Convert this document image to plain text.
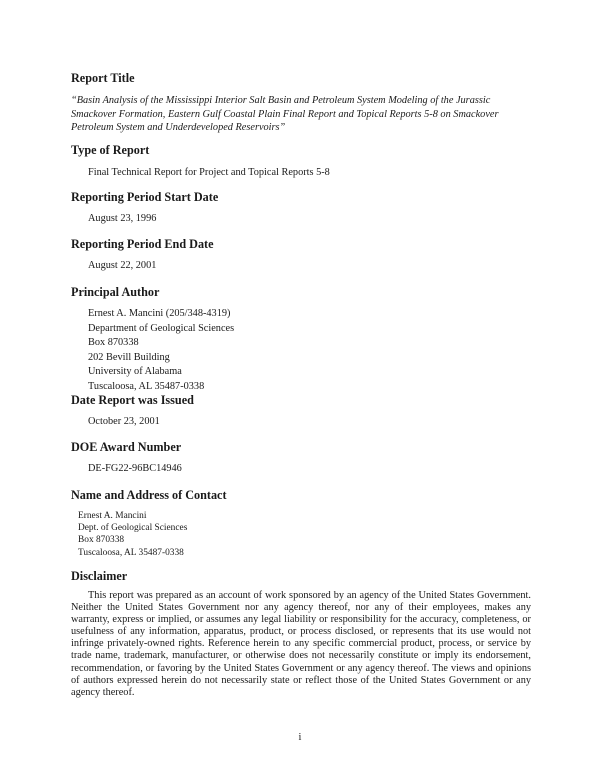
Report Title
“Basin Analysis of the Mississippi Interior Salt Basin and Petroleum System Modeling of the Jurassic Smackover Formation, Eastern Gulf Coastal Plain Final Report and Topical Reports 5-8 on Smackover Petroleum System and Underdeveloped Reservoirs”
Type of Report
Final Technical Report for Project and Topical Reports 5-8
Reporting Period Start Date
August 23, 1996
Reporting Period End Date
August 22, 2001
Principal Author
Ernest A. Mancini (205/348-4319)
Department of Geological Sciences
Box 870338
202 Bevill Building
University of Alabama
Tuscaloosa, AL 35487-0338
Date Report was Issued
October 23, 2001
DOE Award Number
DE-FG22-96BC14946
Name and Address of Contact
Ernest A. Mancini
Dept. of Geological Sciences
Box 870338
Tuscaloosa, AL 35487-0338
Disclaimer

This report was prepared as an account of work sponsored by an agency of the United States Government. Neither the United States Government nor any agency thereof, nor any of their employees, makes any warranty, express or implied, or assumes any legal liability or responsibility for the accuracy, completeness, or usefulness of any information, apparatus, product, or process disclosed, or represents that its use would not infringe privately-owned rights. Reference herein to any specific commercial product, process, or service by trade name, trademark, manufacturer, or otherwise does not necessarily constitute or imply its endorsement, recommendation, or favoring by the United States Government or any agency thereof. The views and opinions of authors expressed herein do not necessarily state or reflect those of the United States Government or any agency thereof.

i
